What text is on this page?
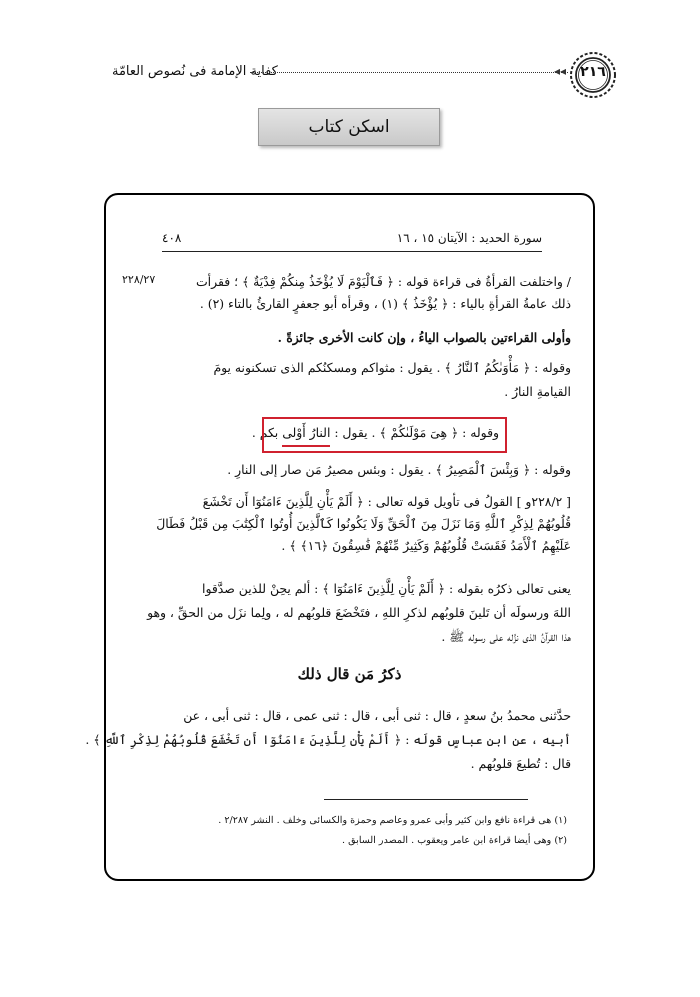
كفاية الإمامة فى نُصوص العامّة	◂◂	٢١٦
اسكن كتاب
٤٠٨	سورة الحديد : الآيتان ١٥ ، ١٦
٢٢٨/٢٧	/ واختلفت القرأةُ فى قراءة قوله : ﴿ فَٱلْيَوْمَ لَا يُؤْخَذُ مِنكُمْ فِدْيَةٌ ﴾ ؛ فقرأت
ذلك عامةُ القرأةِ بالياء : ﴿ يُؤْخَذُ ﴾ (١) ، وقرأه أبو جعفرٍ القارئُ بالتاء (٢) .
وأولى القراءتين بالصواب الياءُ ، وإن كانت الأخرى جائزةً .
وقوله : ﴿ مَأْوَىٰكُمُ ٱلنَّارُ ﴾ . يقول : مثواكم ومسكنُكم الذى تسكنونه يومَ
القيامةِ النارُ .
وقوله : ﴿ هِىَ مَوْلَىٰكُمْ ﴾ . يقول : النارُ أَوْلى بكم .
وقوله : ﴿ وَبِئْسَ ٱلْمَصِيرُ ﴾ . يقول : وبئس مصيرُ مَن صار إلى النارِ .
[ ٢٢٨/٢و ] القولُ فى تأويل قوله تعالى : ﴿ أَلَمْ يَأْنِ لِلَّذِينَ ءَامَنُوٓا أَن تَخْشَعَ
قُلُوبُهُمْ لِذِكْرِ ٱللَّهِ وَمَا نَزَلَ مِنَ ٱلْحَقِّ وَلَا يَكُونُوا كَٱلَّذِينَ أُوتُوا ٱلْكِتَٰبَ مِن قَبْلُ فَطَالَ
عَلَيْهِمُ ٱلْأَمَدُ فَقَسَتْ قُلُوبُهُمْ وَكَثِيرٌ مِّنْهُمْ فَٰسِقُونَ ﴿١٦﴾ ﴾ .
يعنى تعالى ذكرُه بقوله : ﴿ أَلَمْ يَأْنِ لِلَّذِينَ ءَامَنُوٓا ﴾ : ألم يحِنْ للذين صدَّقوا
اللهَ ورسولَه أن تَلينَ قلوبُهم لذكرِ اللهِ ، فتَخْضَعَ قلوبُهم له ، ولِما نزَل من الحقِّ ، وهو
هذا القرآنُ الذى نزَّله على رسوله ﷺ .
ذكرُ مَن قال ذلك
حدَّثنى محمدُ بنُ سعدٍ ، قال : ثنى أبى ، قال : ثنى عمى ، قال : ثنى أبى ، عن
أبيه ، عن ابن عباسٍ قولَه : ﴿ أَلَمْ يَأْنِ لِلَّذِينَ ءَامَنُوٓا أَن تَخْشَعَ قُلُوبُهُمْ لِذِكْرِ ٱللَّهِ ﴾ .
قال : تُطيعَ قلوبُهم .
(١) هى قراءة نافع وابن كثير وأبى عمرو وعاصم وحمزة والكسائى وخلف . النشر ٢/٢٨٧ .
(٢) وهى أيضا قراءة ابن عامر ويعقوب . المصدر السابق .
